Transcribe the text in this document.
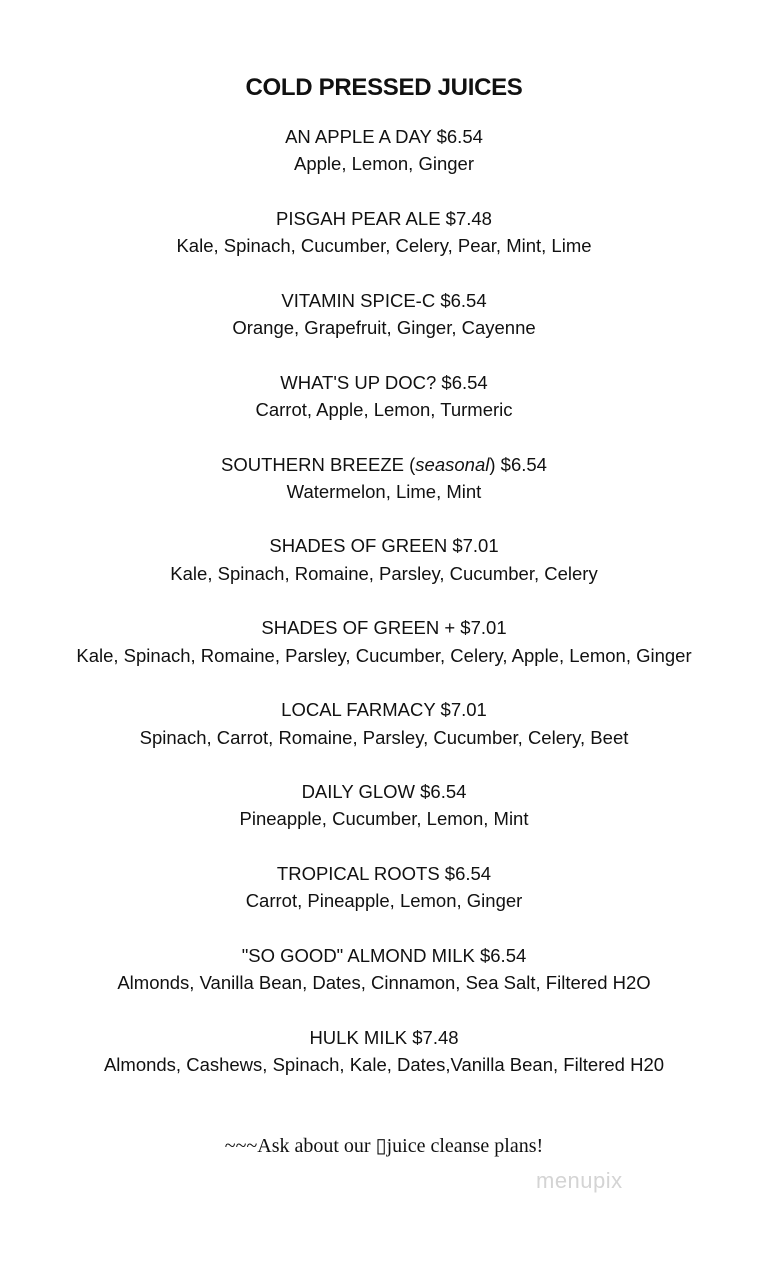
COLD PRESSED JUICES
AN APPLE A DAY $6.54
Apple, Lemon, Ginger
PISGAH PEAR ALE $7.48
Kale, Spinach, Cucumber, Celery, Pear, Mint, Lime
VITAMIN SPICE-C $6.54
Orange, Grapefruit, Ginger, Cayenne
WHAT'S UP DOC? $6.54
Carrot, Apple, Lemon, Turmeric
SOUTHERN BREEZE (seasonal) $6.54
Watermelon, Lime, Mint
SHADES OF GREEN $7.01
Kale, Spinach, Romaine, Parsley, Cucumber, Celery
SHADES OF GREEN + $7.01
Kale, Spinach, Romaine, Parsley, Cucumber, Celery, Apple, Lemon, Ginger
LOCAL FARMACY $7.01
Spinach, Carrot, Romaine, Parsley, Cucumber, Celery, Beet
DAILY GLOW $6.54
Pineapple, Cucumber, Lemon, Mint
TROPICAL ROOTS $6.54
Carrot, Pineapple, Lemon, Ginger
"SO GOOD" ALMOND MILK $6.54
Almonds, Vanilla Bean, Dates, Cinnamon, Sea Salt, Filtered H2O
HULK MILK $7.48
Almonds, Cashews, Spinach, Kale, Dates,Vanilla Bean, Filtered H20
~~~Ask about our ▯juice cleanse plans!
menupix
